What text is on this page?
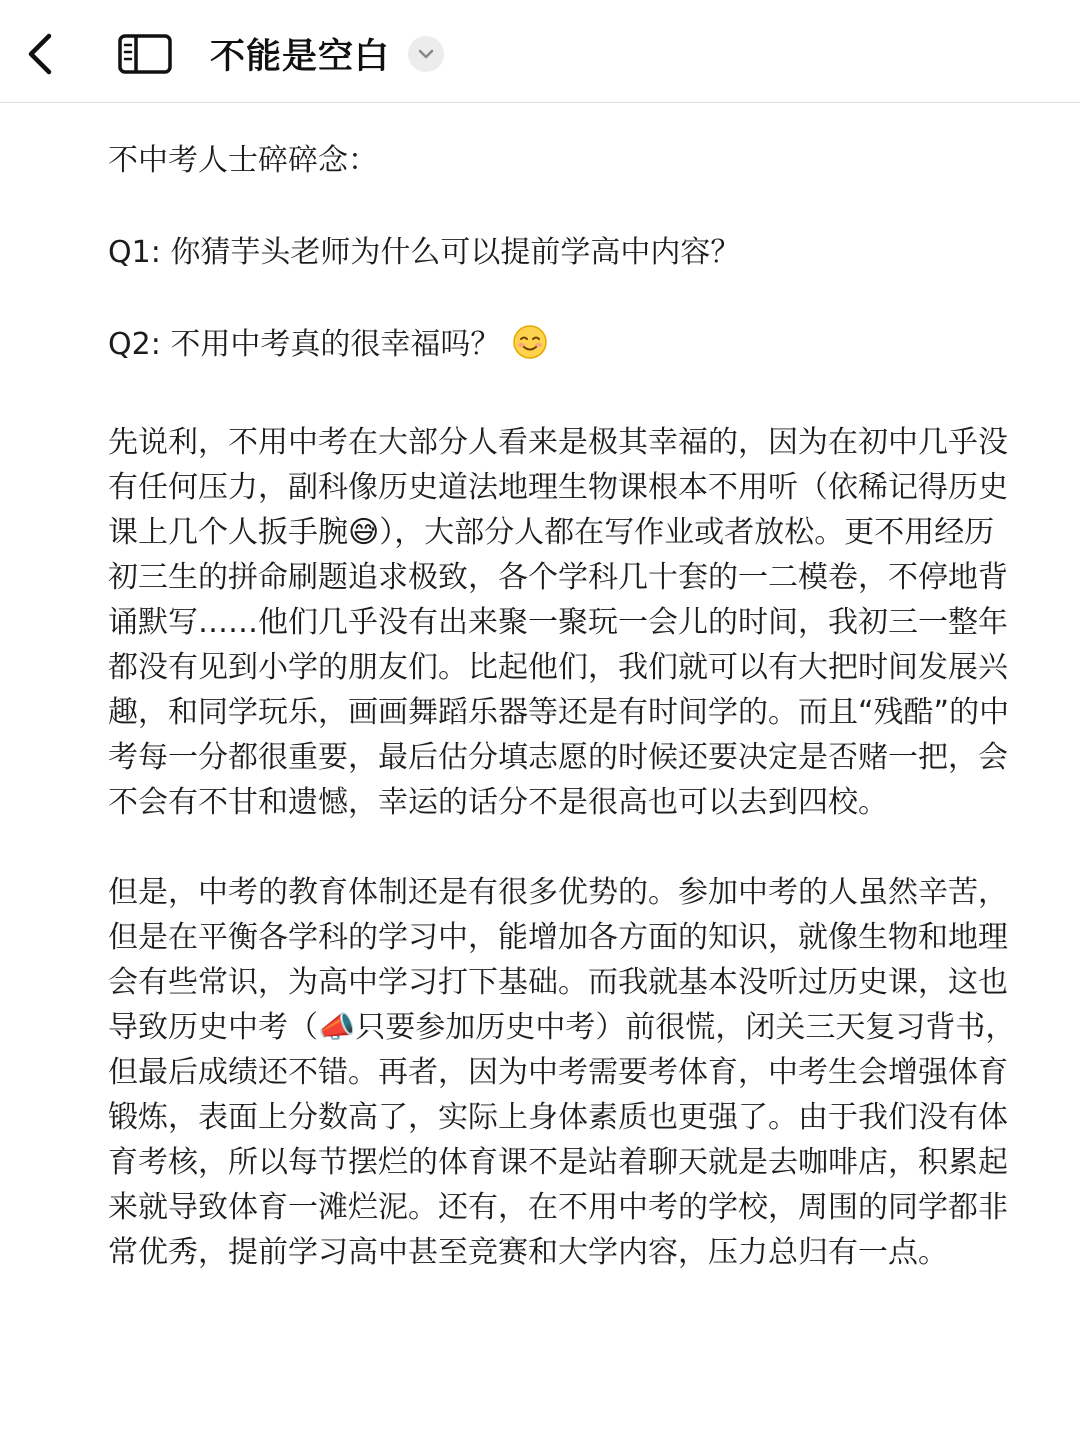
不能是空白

不中考人士碎碎念：

Q1: 你猜芋头老师为什么可以提前学高中内容？

Q2: 不用中考真的很幸福吗？

先说利，不用中考在大部分人看来是极其幸福的，因为在初中几乎没有任何压力，副科像历史道法地理生物课根本不用听（依稀记得历史课上几个人扳手腕😅），大部分人都在写作业或者放松。更不用经历初三生的拼命刷题追求极致，各个学科几十套的一二模卷，不停地背诵默写……他们几乎没有出来聚一聚玩一会儿的时间，我初三一整年都没有见到小学的朋友们。比起他们，我们就可以有大把时间发展兴趣，和同学玩乐，画画舞蹈乐器等还是有时间学的。而且“残酷”的中考每一分都很重要，最后估分填志愿的时候还要决定是否赌一把，会不会有不甘和遗憾，幸运的话分不是很高也可以去到四校。

但是，中考的教育体制还是有很多优势的。参加中考的人虽然辛苦，但是在平衡各学科的学习中，能增加各方面的知识，就像生物和地理会有些常识，为高中学习打下基础。而我就基本没听过历史课，这也导致历史中考（📣只要参加历史中考）前很慌，闭关三天复习背书，但最后成绩还不错。再者，因为中考需要考体育，中考生会增强体育锻炼，表面上分数高了，实际上身体素质也更强了。由于我们没有体育考核，所以每节摆烂的体育课不是站着聊天就是去咖啡店，积累起来就导致体育一滩烂泥。还有，在不用中考的学校，周围的同学都非常优秀，提前学习高中甚至竞赛和大学内容，压力总归有一点。
